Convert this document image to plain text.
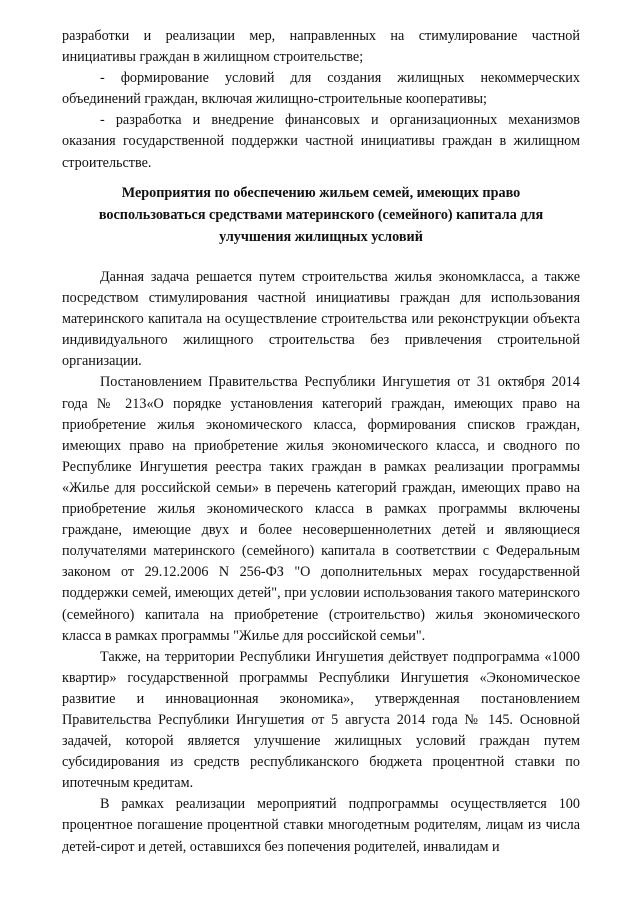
разработки и реализации мер, направленных на стимулирование частной инициативы граждан в жилищном строительстве;

- формирование условий для создания жилищных некоммерческих объединений граждан, включая жилищно-строительные кооперативы;

- разработка и внедрение финансовых и организационных механизмов оказания государственной поддержки частной инициативы граждан в жилищном строительстве.

Мероприятия по обеспечению жильем семей, имеющих право
воспользоваться средствами материнского (семейного) капитала для
улучшения жилищных условий

Данная задача решается путем строительства жилья экономкласса, а также посредством стимулирования частной инициативы граждан для использования материнского капитала на осуществление строительства или реконструкции объекта индивидуального жилищного строительства без привлечения строительной организации.

Постановлением Правительства Республики Ингушетия от 31 октября 2014 года № 213«О порядке установления категорий граждан, имеющих право на приобретение жилья экономического класса, формирования списков граждан, имеющих право на приобретение жилья экономического класса, и сводного по Республике Ингушетия реестра таких граждан в рамках реализации программы «Жилье для российской семьи» в перечень категорий граждан, имеющих право на приобретение жилья экономического класса в рамках программы включены граждане, имеющие двух и более несовершеннолетних детей и являющиеся получателями материнского (семейного) капитала в соответствии с Федеральным законом от 29.12.2006 N 256-ФЗ "О дополнительных мерах государственной поддержки семей, имеющих детей", при условии использования такого материнского (семейного) капитала на приобретение (строительство) жилья экономического класса в рамках программы "Жилье для российской семьи".

Также, на территории Республики Ингушетия действует подпрограмма «1000 квартир» государственной программы Республики Ингушетия «Экономическое развитие и инновационная экономика», утвержденная постановлением Правительства Республики Ингушетия от 5 августа 2014 года № 145. Основной задачей, которой является улучшение жилищных условий граждан путем субсидирования из средств республиканского бюджета процентной ставки по ипотечным кредитам.

В рамках реализации мероприятий подпрограммы осуществляется 100 процентное погашение процентной ставки многодетным родителям, лицам из числа детей-сирот и детей, оставшихся без попечения родителей, инвалидам и
